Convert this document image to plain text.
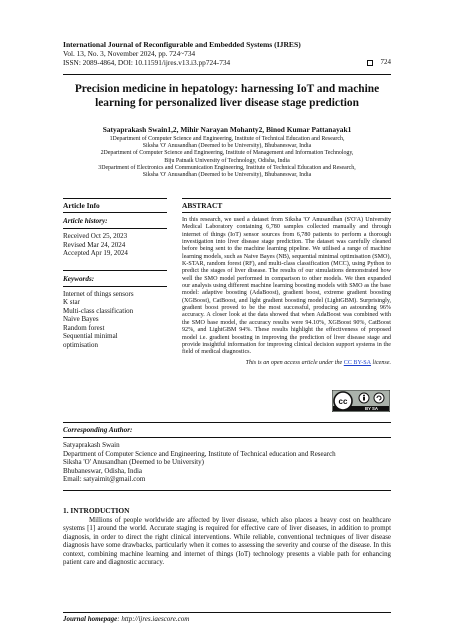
International Journal of Reconfigurable and Embedded Systems (IJRES)
Vol. 13, No. 3, November 2024, pp. 724~734
ISSN: 2089-4864, DOI: 10.11591/ijres.v13.i3.pp724-734	724
Precision medicine in hepatology: harnessing IoT and machine learning for personalized liver disease stage prediction
Satyaprakash Swain1,2, Mihir Narayan Mohanty2, Binod Kumar Pattanayak1
1Department of Computer Science and Engineering, Institute of Technical Education and Research,
Siksha 'O' Anusandhan (Deemed to be University), Bhubaneswar, India
2Department of Computer Science and Engineering, Institute of Management and Information Technology,
Biju Patnaik University of Technology, Odisha, India
3Department of Electronics and Communication Engineering, Institute of Technical Education and Research,
Siksha 'O' Anusandhan (Deemed to be University), Bhubaneswar, India
Article Info
Article history:
Received Oct 25, 2023
Revised Mar 24, 2024
Accepted Apr 19, 2024
Keywords:
Internet of things sensors
K star
Multi-class classification
Naive Bayes
Random forest
Sequential minimal
optimisation
ABSTRACT
In this research, we used a dataset from Siksha 'O' Anusandhan (S'O'A) University Medical Laboratory containing 6,780 samples collected manually and through internet of things (IoT) sensor sources from 6,780 patients to perform a thorough investigation into liver disease stage prediction. The dataset was carefully cleaned before being sent to the machine learning pipeline. We utilised a range of machine learning models, such as Naive Bayes (NB), sequential minimal optimisation (SMO), K-STAR, random forest (RF), and multi-class classification (MCC), using Python to predict the stages of liver disease. The results of our simulations demonstrated how well the SMO model performed in comparison to other models. We then expanded our analysis using different machine learning boosting models with SMO as the base model: adaptive boosting (AdaBoost), gradient boost, extreme gradient boosting (XGBoost), CatBoost, and light gradient boosting model (LightGBM). Surprisingly, gradient boost proved to be the most successful, producing an astounding 96% accuracy. A closer look at the data showed that when AdaBoost was combined with the SMO base model, the accuracy results were 94.10%, XGBoost 90%, CatBoost 92%, and LightGBM 94%. These results highlight the effectiveness of proposed model i.e. gradient boosting in improving the prediction of liver disease stage and provide insightful information for improving clinical decision support systems in the field of medical diagnostics.
This is an open access article under the CC BY-SA license.
cc
BY SA
Corresponding Author:
Satyaprakash Swain
Department of Computer Science and Engineering, Institute of Technical education and Research
Siksha 'O' Anusandhan (Deemed to be University)
Bhubaneswar, Odisha, India
Email: satyaimit@gmail.com
1. INTRODUCTION
Millions of people worldwide are affected by liver disease, which also places a heavy cost on healthcare systems [1] around the world. Accurate staging is required for effective care of liver diseases, in addition to prompt diagnosis, in order to direct the right clinical interventions. While reliable, conventional techniques of liver disease diagnosis have some drawbacks, particularly when it comes to assessing the severity and course of the disease. In this context, combining machine learning and internet of things (IoT) technology presents a viable path for enhancing patient care and diagnostic accuracy.
Journal homepage: http://ijres.iaescore.com
